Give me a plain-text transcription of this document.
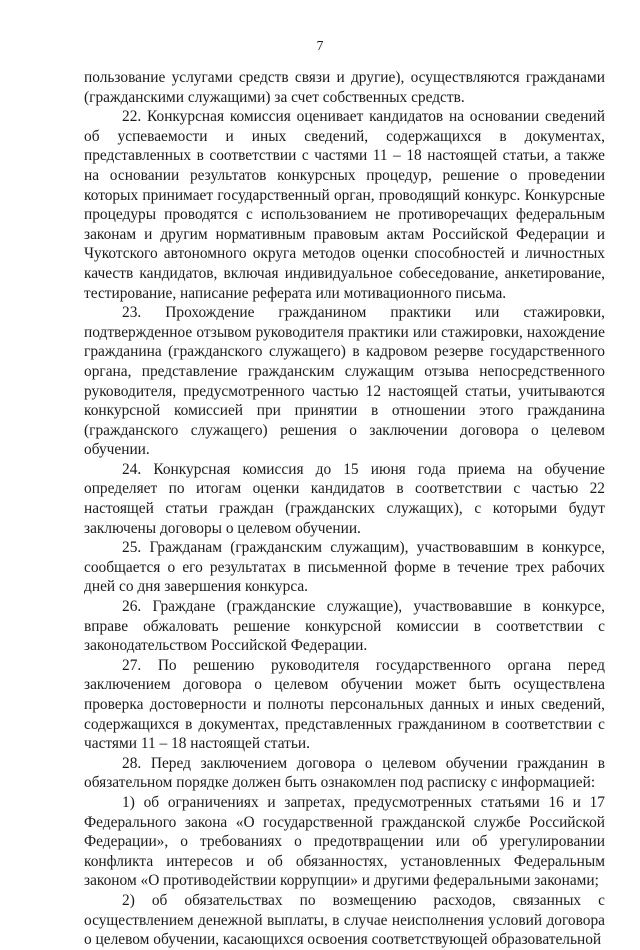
7

пользование услугами средств связи и другие), осуществляются гражданами (гражданскими служащими) за счет собственных средств.

22. Конкурсная комиссия оценивает кандидатов на основании сведений об успеваемости и иных сведений, содержащихся в документах, представленных в соответствии с частями 11 – 18 настоящей статьи, а также на основании результатов конкурсных процедур, решение о проведении которых принимает государственный орган, проводящий конкурс. Конкурсные процедуры проводятся с использованием не противоречащих федеральным законам и другим нормативным правовым актам Российской Федерации и Чукотского автономного округа методов оценки способностей и личностных качеств кандидатов, включая индивидуальное собеседование, анкетирование, тестирование, написание реферата или мотивационного письма.

23. Прохождение гражданином практики или стажировки, подтвержденное отзывом руководителя практики или стажировки, нахождение гражданина (гражданского служащего) в кадровом резерве государственного органа, представление гражданским служащим отзыва непосредственного руководителя, предусмотренного частью 12 настоящей статьи, учитываются конкурсной комиссией при принятии в отношении этого гражданина (гражданского служащего) решения о заключении договора о целевом обучении.

24. Конкурсная комиссия до 15 июня года приема на обучение определяет по итогам оценки кандидатов в соответствии с частью 22 настоящей статьи граждан (гражданских служащих), с которыми будут заключены договоры о целевом обучении.

25. Гражданам (гражданским служащим), участвовавшим в конкурсе, сообщается о его результатах в письменной форме в течение трех рабочих дней со дня завершения конкурса.

26. Граждане (гражданские служащие), участвовавшие в конкурсе, вправе обжаловать решение конкурсной комиссии в соответствии с законодательством Российской Федерации.

27. По решению руководителя государственного органа перед заключением договора о целевом обучении может быть осуществлена проверка достоверности и полноты персональных данных и иных сведений, содержащихся в документах, представленных гражданином в соответствии с частями 11 – 18 настоящей статьи.

28. Перед заключением договора о целевом обучении гражданин в обязательном порядке должен быть ознакомлен под расписку с информацией:

1) об ограничениях и запретах, предусмотренных статьями 16 и 17 Федерального закона «О государственной гражданской службе Российской Федерации», о требованиях о предотвращении или об урегулировании конфликта интересов и об обязанностях, установленных Федеральным законом «О противодействии коррупции» и другими федеральными законами;

2) об обязательствах по возмещению расходов, связанных с осуществлением денежной выплаты, в случае неисполнения условий договора о целевом обучении, касающихся освоения соответствующей образовательной
